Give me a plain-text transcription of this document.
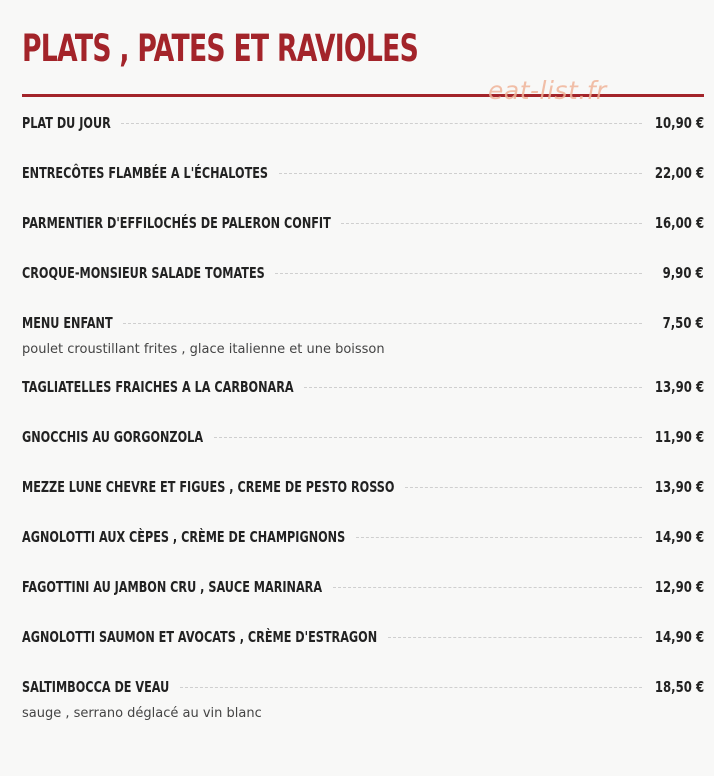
PLATS , PATES ET RAVIOLES
eat-list.fr
PLAT DU JOUR	10,90 €
ENTRECÔTES FLAMBÉE A L'ÉCHALOTES	22,00 €
PARMENTIER D'EFFILOCHÉS DE PALERON CONFIT	16,00 €
CROQUE-MONSIEUR SALADE TOMATES	9,90 €
MENU ENFANT	7,50 €
poulet croustillant frites , glace italienne et une boisson
TAGLIATELLES FRAICHES A LA CARBONARA	13,90 €
GNOCCHIS AU GORGONZOLA	11,90 €
MEZZE LUNE CHEVRE ET FIGUES , CREME DE PESTO ROSSO	13,90 €
AGNOLOTTI AUX CÈPES , CRÈME DE CHAMPIGNONS	14,90 €
FAGOTTINI AU JAMBON CRU , SAUCE MARINARA	12,90 €
AGNOLOTTI SAUMON ET AVOCATS , CRÈME D'ESTRAGON	14,90 €
SALTIMBOCCA DE VEAU	18,50 €
sauge , serrano déglacé au vin blanc
